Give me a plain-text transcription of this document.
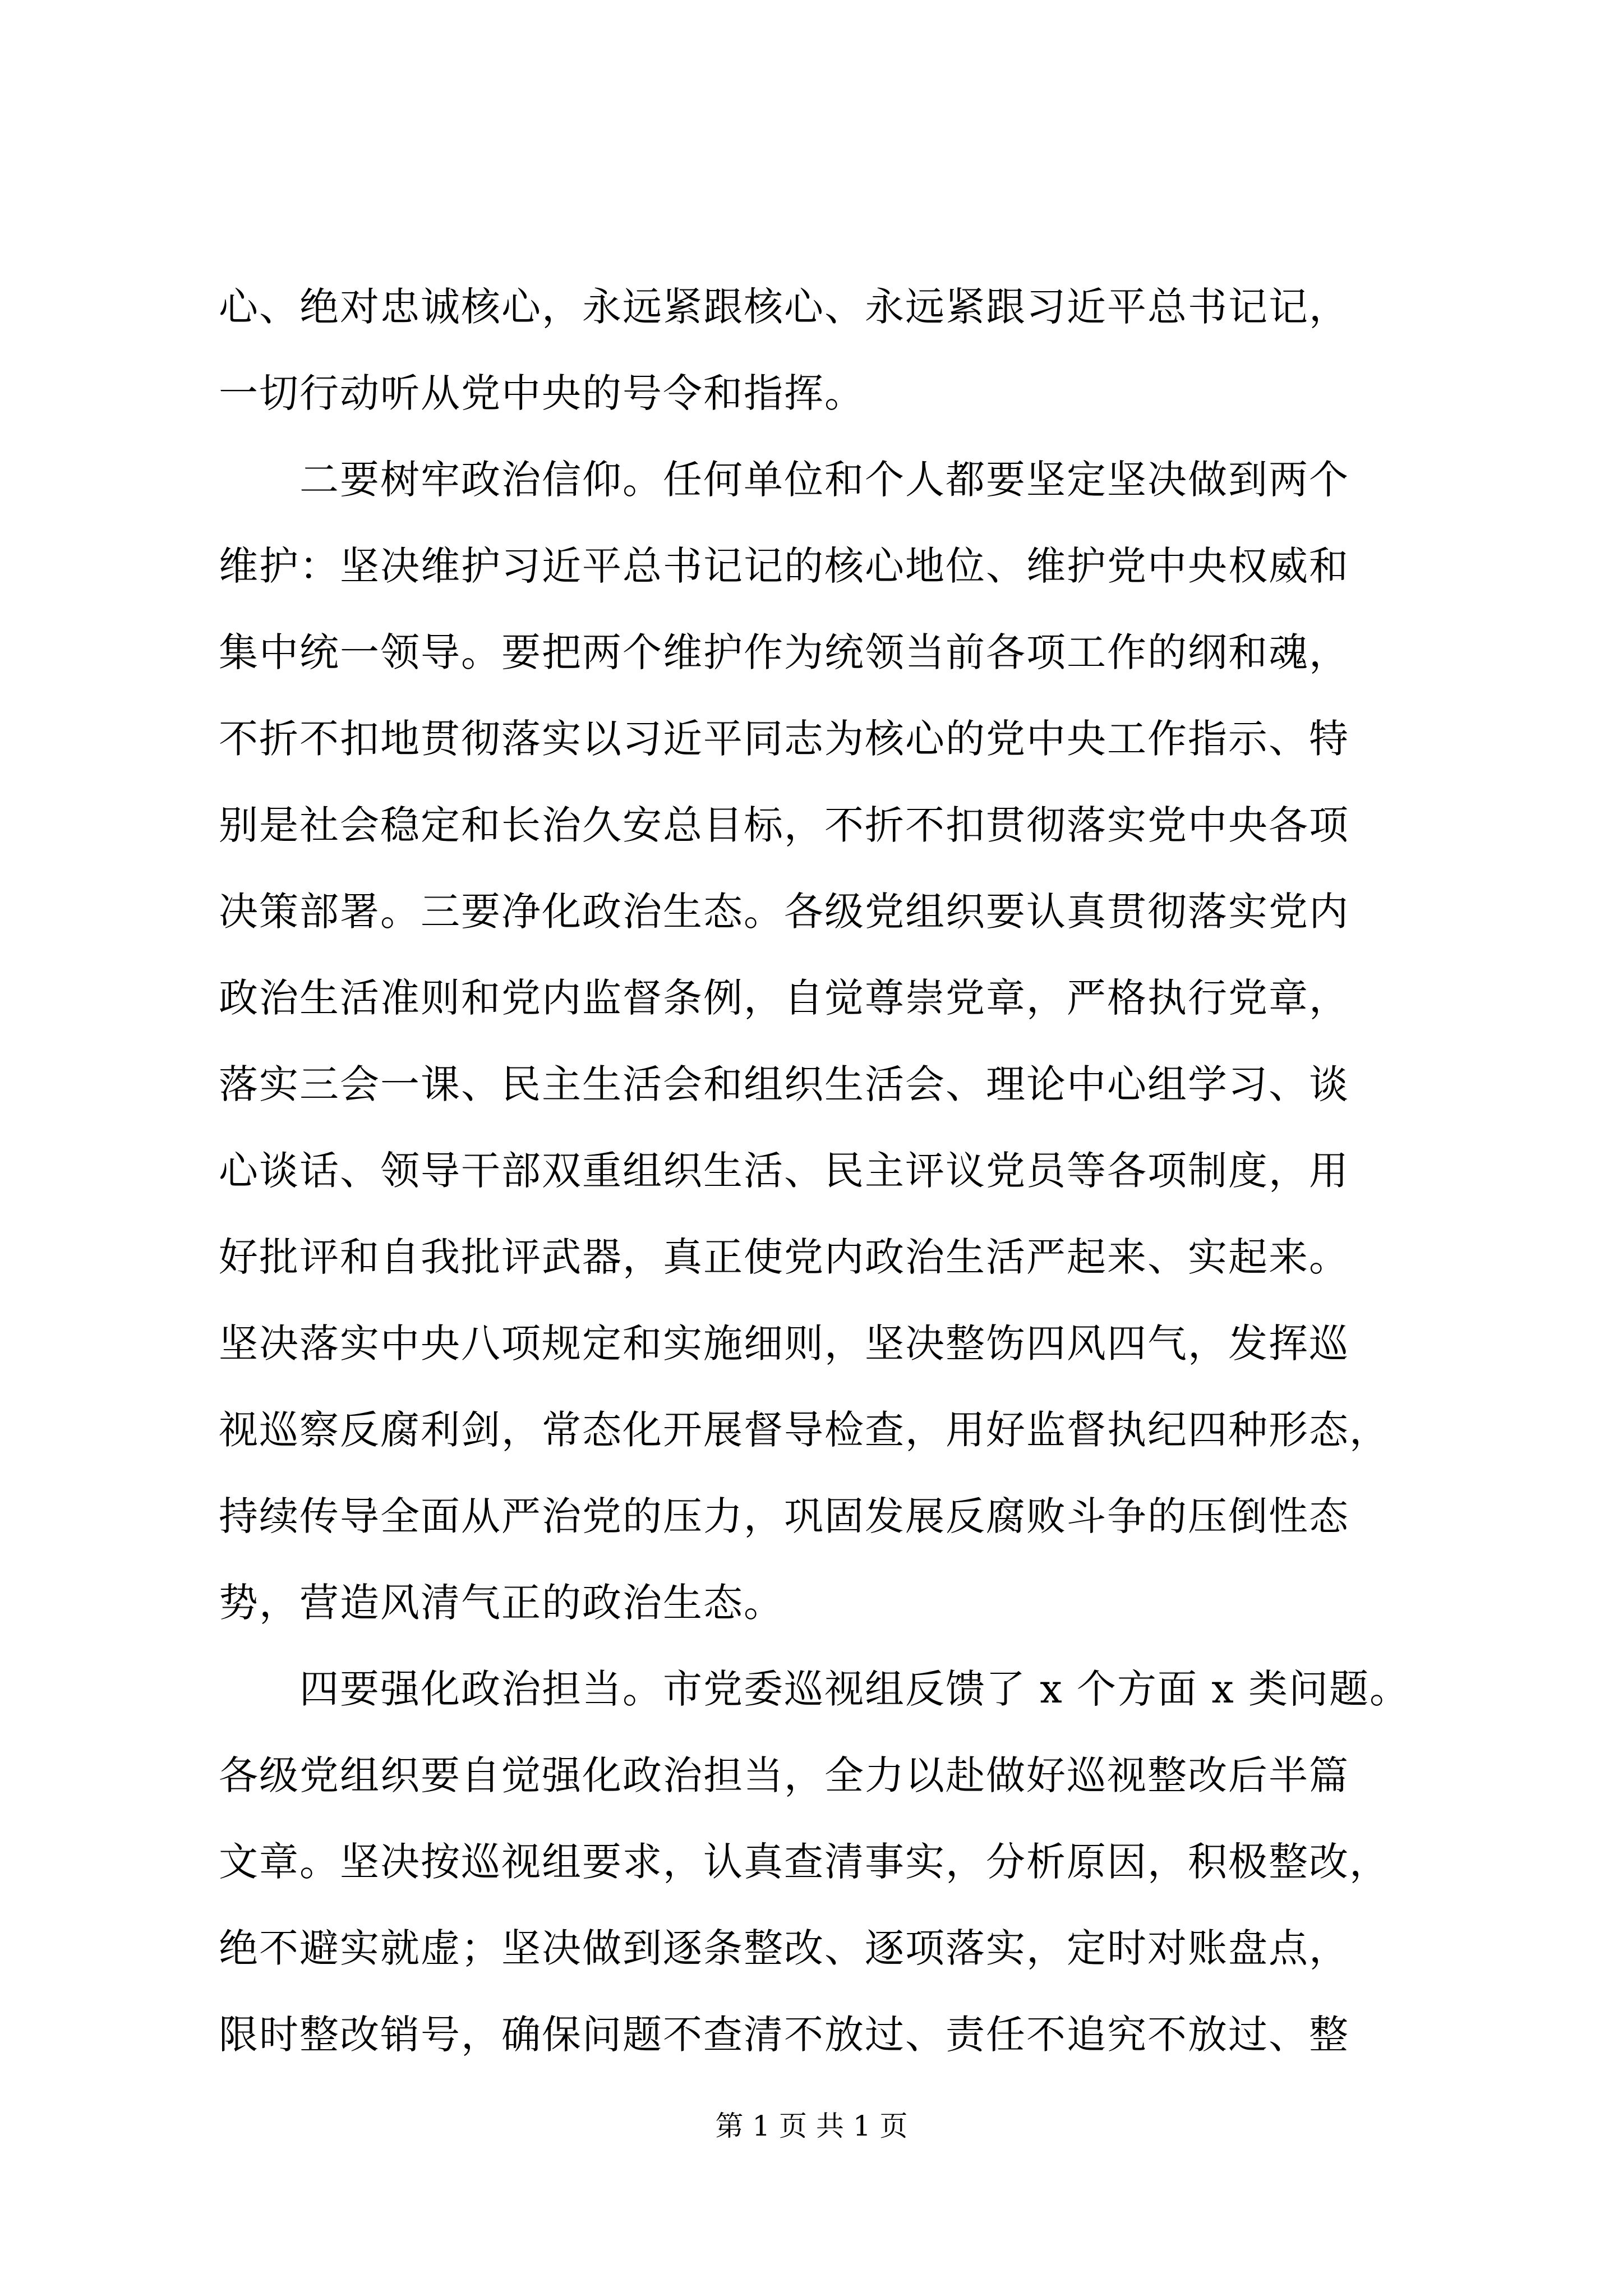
心、绝对忠诚核心，永远紧跟核心、永远紧跟习近平总书记记，
一切行动听从党中央的号令和指挥。
　　二要树牢政治信仰。任何单位和个人都要坚定坚决做到两个
维护：坚决维护习近平总书记记的核心地位、维护党中央权威和
集中统一领导。要把两个维护作为统领当前各项工作的纲和魂，
不折不扣地贯彻落实以习近平同志为核心的党中央工作指示、特
别是社会稳定和长治久安总目标，不折不扣贯彻落实党中央各项
决策部署。三要净化政治生态。各级党组织要认真贯彻落实党内
政治生活准则和党内监督条例，自觉尊崇党章，严格执行党章，
落实三会一课、民主生活会和组织生活会、理论中心组学习、谈
心谈话、领导干部双重组织生活、民主评议党员等各项制度，用
好批评和自我批评武器，真正使党内政治生活严起来、实起来。
坚决落实中央八项规定和实施细则，坚决整饬四风四气，发挥巡
视巡察反腐利剑，常态化开展督导检查，用好监督执纪四种形态，
持续传导全面从严治党的压力，巩固发展反腐败斗争的压倒性态
势，营造风清气正的政治生态。
　　四要强化政治担当。市党委巡视组反馈了 x 个方面 x 类问题。
各级党组织要自觉强化政治担当，全力以赴做好巡视整改后半篇
文章。坚决按巡视组要求，认真查清事实，分析原因，积极整改，
绝不避实就虚；坚决做到逐条整改、逐项落实，定时对账盘点，
限时整改销号，确保问题不查清不放过、责任不追究不放过、整
第 1 页 共 1 页
